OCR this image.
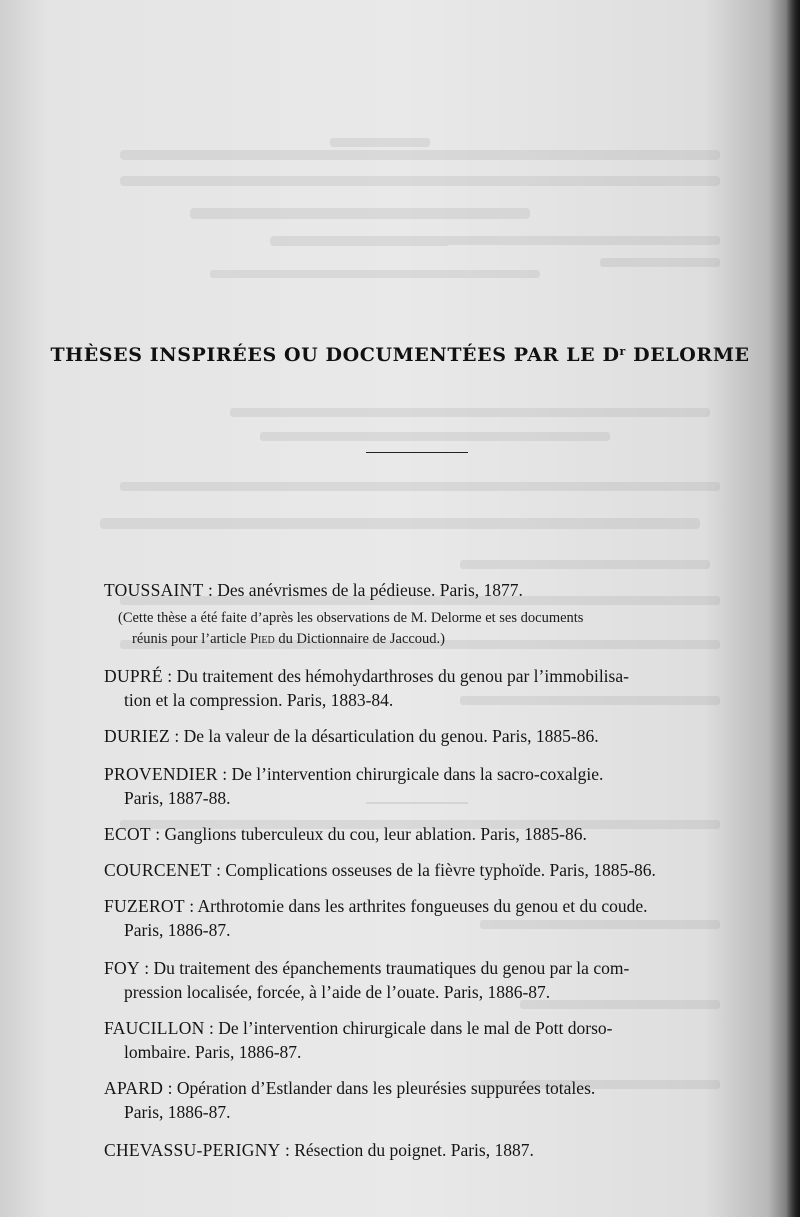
THÈSES INSPIRÉES OU DOCUMENTÉES PAR LE $D^r$ DELORME
TOUSSAINT : Des anévrismes de la pédieuse. Paris, 1877.
(Cette thèse a été faite d’après les observations de M. Delorme et ses documents
réunis pour l’article Pied du Dictionnaire de Jaccoud.)
DUPRÉ : Du traitement des hémohydarthroses du genou par l’immobilisa-
tion et la compression. Paris, 1883-84.
DURIEZ : De la valeur de la désarticulation du genou. Paris, 1885-86.
PROVENDIER : De l’intervention chirurgicale dans la sacro-coxalgie.
Paris, 1887-88.
ECOT : Ganglions tuberculeux du cou, leur ablation. Paris, 1885-86.
COURCENET : Complications osseuses de la fièvre typhoïde. Paris, 1885-86.
FUZEROT : Arthrotomie dans les arthrites fongueuses du genou et du coude.
Paris, 1886-87.
FOY : Du traitement des épanchements traumatiques du genou par la com-
pression localisée, forcée, à l’aide de l’ouate. Paris, 1886-87.
FAUCILLON : De l’intervention chirurgicale dans le mal de Pott dorso-
lombaire. Paris, 1886-87.
APARD : Opération d’Estlander dans les pleurésies suppurées totales.
Paris, 1886-87.
CHEVASSU-PERIGNY : Résection du poignet. Paris, 1887.
